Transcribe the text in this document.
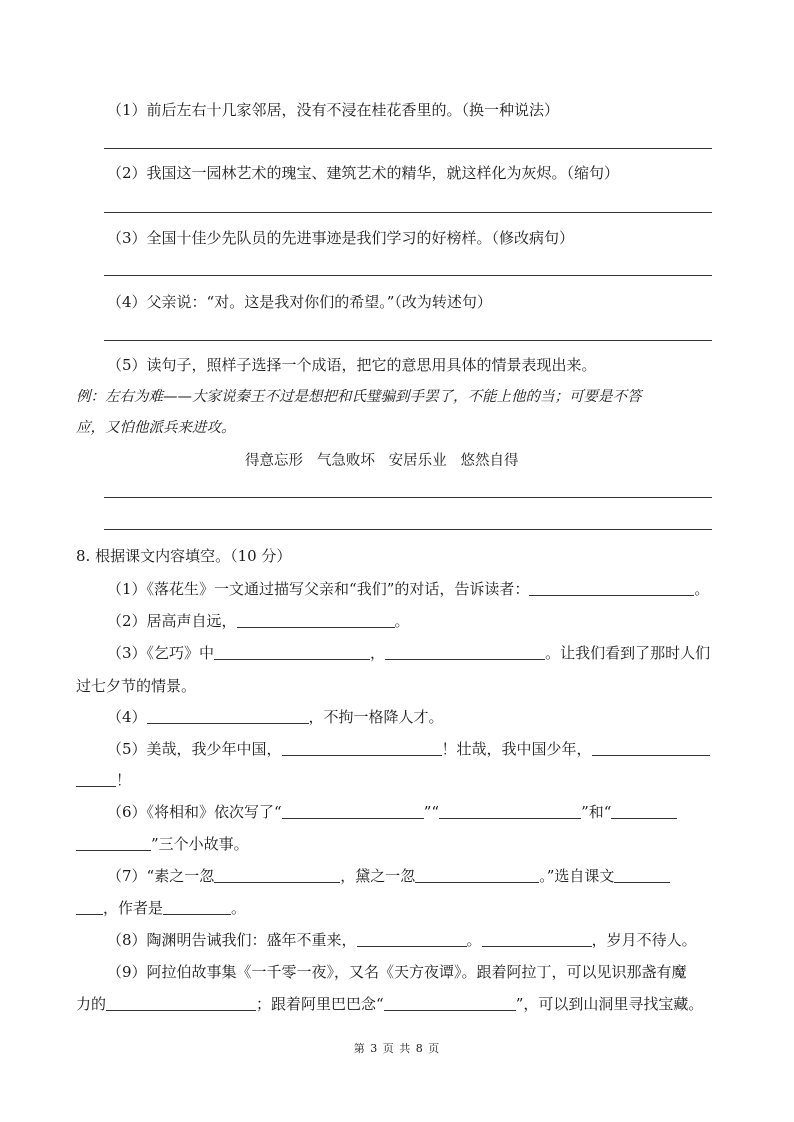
（1）前后左右十几家邻居，没有不浸在桂花香里的。（换一种说法）
（2）我国这一园林艺术的瑰宝、建筑艺术的精华，就这样化为灰烬。（缩句）
（3）全国十佳少先队员的先进事迹是我们学习的好榜样。（修改病句）
（4）父亲说：“对。这是我对你们的希望。”（改为转述句）
（5）读句子，照样子选择一个成语，把它的意思用具体的情景表现出来。
例：左右为难——大家说秦王不过是想把和氏璧骗到手罢了，不能上他的当；可要是不答
应，又怕他派兵来进攻。
得意忘形   气急败坏   安居乐业   悠然自得
8. 根据课文内容填空。（10 分）
（1）《落花生》一文通过描写父亲和“我们”的对话，告诉读者：	。
（2）居高声自远，	。
（3）《乞巧》中	，	。让我们看到了那时人们
过七夕节的情景。
（4）	，不拘一格降人才。
（5）美哉，我少年中国，	！壮哉，我中国少年，
！
（6）《将相和》依次写了“	”“	”和“
”三个小故事。
（7）“素之一忽	，黛之一忽	。”选自课文
，作者是	。
（8）陶渊明告诫我们：盛年不重来，	。	，岁月不待人。
（9）阿拉伯故事集《一千零一夜》，又名《天方夜谭》。跟着阿拉丁，可以见识那盏有魔
力的	；跟着阿里巴巴念“	”，可以到山洞里寻找宝藏。
第 3 页 共 8 页
